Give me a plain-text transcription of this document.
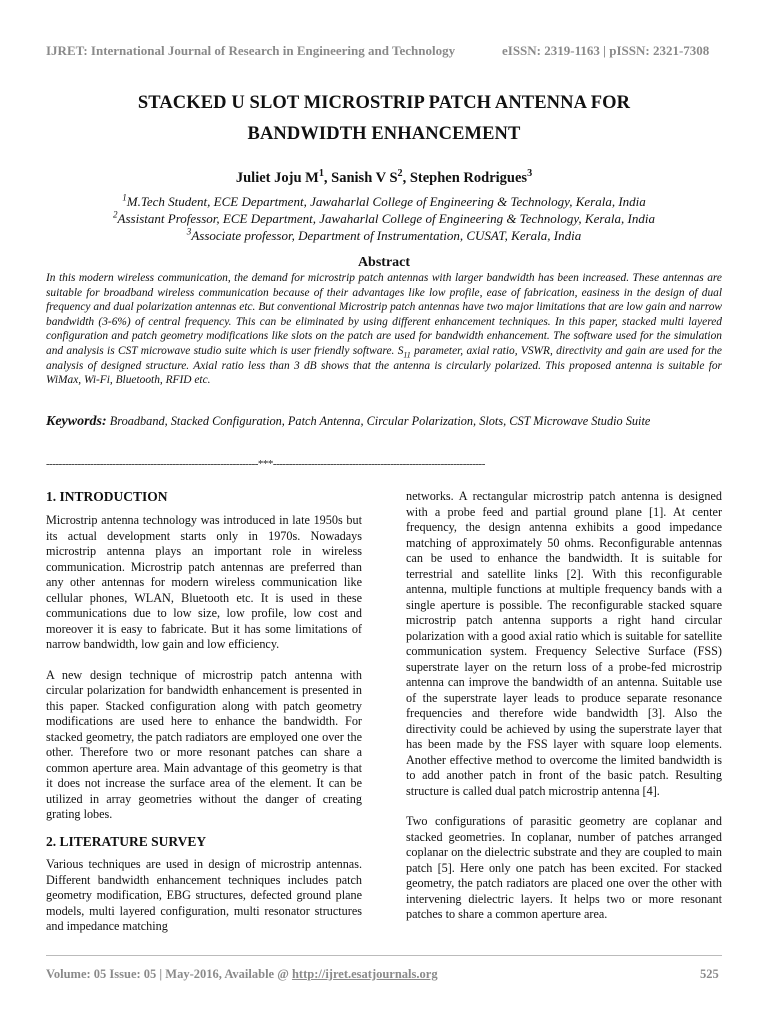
IJRET: International Journal of Research in Engineering and Technology	eISSN: 2319-1163 | pISSN: 2321-7308
STACKED U SLOT MICROSTRIP PATCH ANTENNA FOR
BANDWIDTH ENHANCEMENT
Juliet Joju $M^1$, Sanish V $S^2$, Stephen Rodrigues$^3$
$^1$M.Tech Student, ECE Department, Jawaharlal College of Engineering & Technology, Kerala, India
$^2$Assistant Professor, ECE Department, Jawaharlal College of Engineering & Technology, Kerala, India
$^3$Associate professor, Department of Instrumentation, CUSAT, Kerala, India
Abstract
In this modern wireless communication, the demand for microstrip patch antennas with larger bandwidth has been increased. These antennas are suitable for broadband wireless communication because of their advantages like low profile, ease of fabrication, easiness in the design of dual frequency and dual polarization antennas etc. But conventional Microstrip patch antennas have two major limitations that are low gain and narrow bandwidth (3-6%) of central frequency. This can be eliminated by using different enhancement techniques. In this paper, stacked multi layered configuration and patch geometry modifications like slots on the patch are used for bandwidth enhancement. The software used for the simulation and analysis is CST microwave studio suite which is user friendly software. $S_{11}$ parameter, axial ratio, VSWR, directivity and gain are used for the analysis of designed structure. Axial ratio less than 3 dB shows that the antenna is circularly polarized. This proposed antenna is suitable for WiMax, Wi-Fi, Bluetooth, RFID etc.
Keywords: Broadband, Stacked Configuration, Patch Antenna, Circular Polarization, Slots, CST Microwave Studio Suite
-------------------------------------------------------------------***-------------------------------------------------------------------
1. INTRODUCTION

Microstrip antenna technology was introduced in late 1950s but its actual development starts only in 1970s. Nowadays microstrip antenna plays an important role in wireless communication. Microstrip patch antennas are preferred than any other antennas for modern wireless communication like cellular phones, WLAN, Bluetooth etc. It is used in these communications due to low size, low profile, low cost and moreover it is easy to fabricate. But it has some limitations of narrow bandwidth, low gain and low efficiency.

A new design technique of microstrip patch antenna with circular polarization for bandwidth enhancement is presented in this paper. Stacked configuration along with patch geometry modifications are used here to enhance the bandwidth. For stacked geometry, the patch radiators are employed one over the other. Therefore two or more resonant patches can share a common aperture area. Main advantage of this geometry is that it does not increase the surface area of the element. It can be utilized in array geometries without the danger of creating grating lobes.

2. LITERATURE SURVEY

Various techniques are used in design of microstrip antennas. Different bandwidth enhancement techniques includes patch geometry modification, EBG structures, defected ground plane models, multi layered configuration, multi resonator structures and impedance matching

networks. A rectangular microstrip patch antenna is designed with a probe feed and partial ground plane [1]. At center frequency, the design antenna exhibits a good impedance matching of approximately 50 ohms. Reconfigurable antennas can be used to enhance the bandwidth. It is suitable for terrestrial and satellite links [2]. With this reconfigurable antenna, multiple functions at multiple frequency bands with a single aperture is possible. The reconfigurable stacked square microstrip patch antenna supports a right hand circular polarization with a good axial ratio which is suitable for satellite communication system. Frequency Selective Surface (FSS) superstrate layer on the return loss of a probe-fed microstrip antenna can improve the bandwidth of an antenna. Suitable use of the superstrate layer leads to produce separate resonance frequencies and therefore wide bandwidth [3]. Also the directivity could be achieved by using the superstrate layer that has been made by the FSS layer with square loop elements. Another effective method to overcome the limited bandwidth is to add another patch in front of the basic patch. Resulting structure is called dual patch microstrip antenna [4].

Two configurations of parasitic geometry are coplanar and stacked geometries. In coplanar, number of patches arranged coplanar on the dielectric substrate and they are coupled to main patch [5]. Here only one patch has been excited. For stacked geometry, the patch radiators are placed one over the other with intervening dielectric layers. It helps two or more resonant patches to share a common aperture area.

Volume: 05 Issue: 05 | May-2016, Available @ http://ijret.esatjournals.org	525
